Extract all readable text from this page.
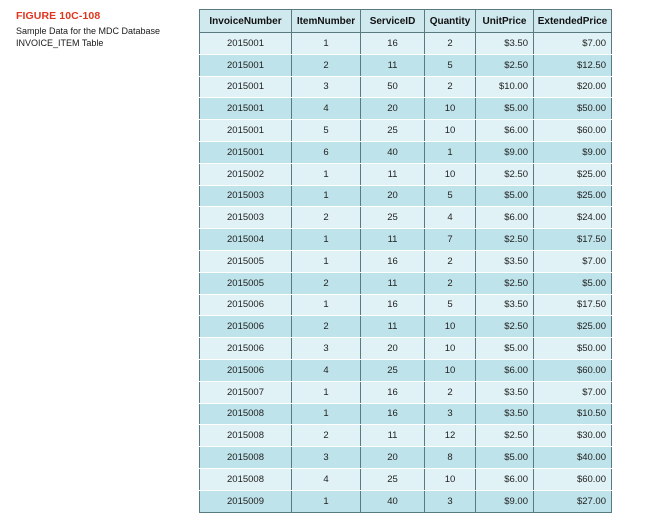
FIGURE 10C-108

Sample Data for the MDC Database INVOICE_ITEM Table

InvoiceNumber	ItemNumber	ServiceID	Quantity	UnitPrice	ExtendedPrice
2015001	1	16	2	$3.50	$7.00
2015001	2	11	5	$2.50	$12.50
2015001	3	50	2	$10.00	$20.00
2015001	4	20	10	$5.00	$50.00
2015001	5	25	10	$6.00	$60.00
2015001	6	40	1	$9.00	$9.00
2015002	1	11	10	$2.50	$25.00
2015003	1	20	5	$5.00	$25.00
2015003	2	25	4	$6.00	$24.00
2015004	1	11	7	$2.50	$17.50
2015005	1	16	2	$3.50	$7.00
2015005	2	11	2	$2.50	$5.00
2015006	1	16	5	$3.50	$17.50
2015006	2	11	10	$2.50	$25.00
2015006	3	20	10	$5.00	$50.00
2015006	4	25	10	$6.00	$60.00
2015007	1	16	2	$3.50	$7.00
2015008	1	16	3	$3.50	$10.50
2015008	2	11	12	$2.50	$30.00
2015008	3	20	8	$5.00	$40.00
2015008	4	25	10	$6.00	$60.00
2015009	1	40	3	$9.00	$27.00
